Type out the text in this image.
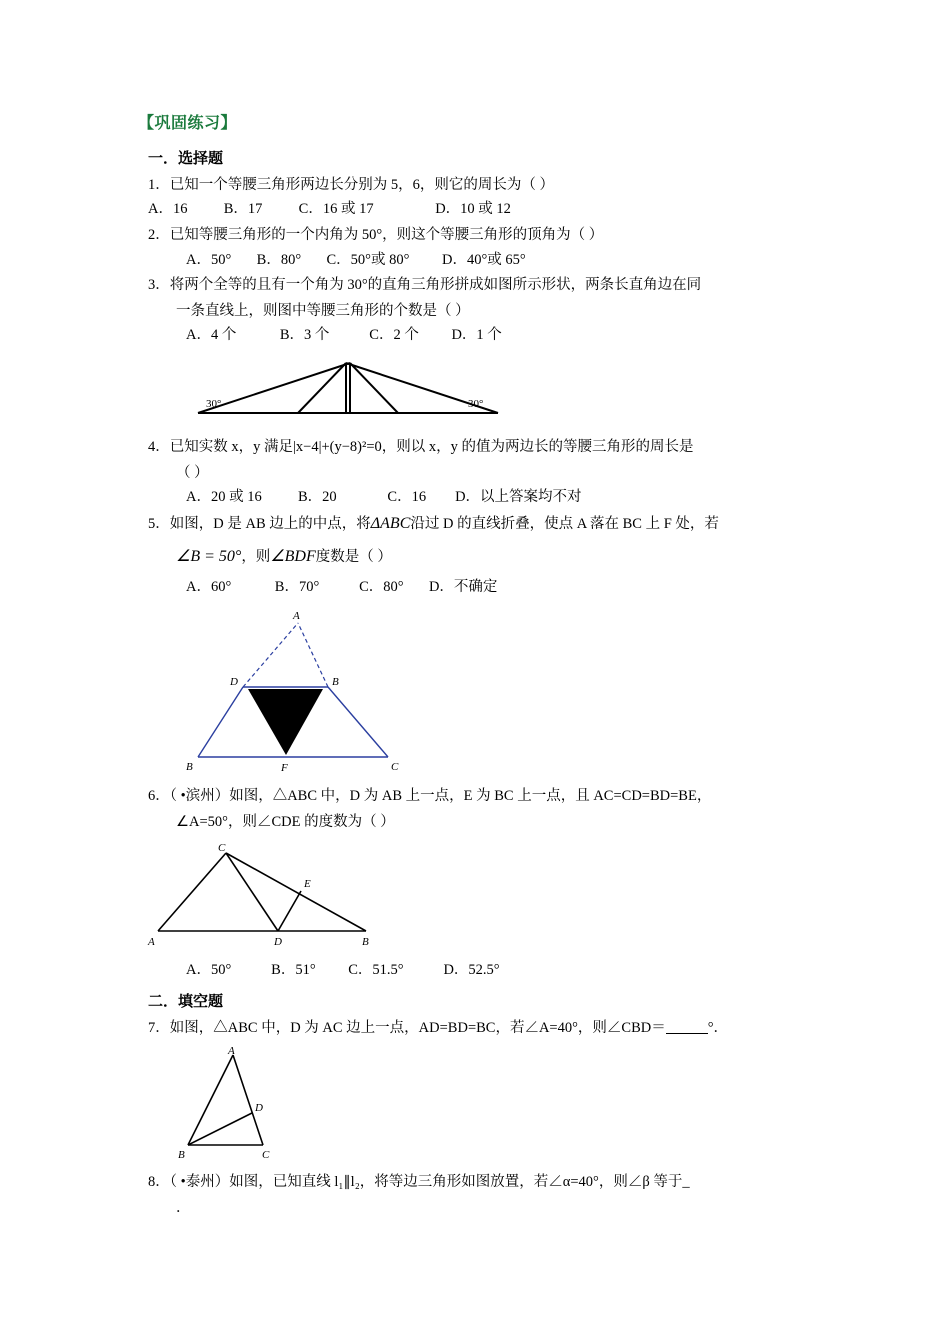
【巩固练习】
一．选择题
1．已知一个等腰三角形两边长分别为 5，6，则它的周长为（ ）
A．16          B．17          C．16 或 17                 D．10 或 12
2．已知等腰三角形的一个内角为 50°，则这个等腰三角形的顶角为（ ）
A．50°       B．80°       C．50°或 80°         D．40°或 65°
3．将两个全等的且有一个角为 30°的直角三角形拼成如图所示形状，两条长直角边在同
一条直线上，则图中等腰三角形的个数是（ ）
A．4 个            B．3 个           C．2 个         D．1 个
30°	30°
4．已知实数 x，y 满足|x−4|+(y−8)²=0，则以 x，y 的值为两边长的等腰三角形的周长是
（ ）
A．20 或 16          B．20              C．16        D．以上答案均不对
5．如图，D 是 AB 边上的中点，将ΔABC沿过 D 的直线折叠，使点 A 落在 BC 上 F 处，若
∠B = 50°，则∠BDF度数是（ ）
A．60°            B．70°           C．80°       D．不确定
A
D	B
B	F	C
6．（ •滨州）如图，△ABC 中，D 为 AB 上一点，E 为 BC 上一点，且 AC=CD=BD=BE，
∠A=50°，则∠CDE 的度数为（ ）
C
E
A	D	B
A．50°           B．51°         C．51.5°           D．52.5°
二．填空题
7．如图，△ABC 中，D 为 AC 边上一点，AD=BD=BC，若∠A=40°，则∠CBD＝	°．
A
D
B	C
8．（ •泰州）如图，已知直线 l₁∥l₂，将等边三角形如图放置，若∠α=40°，则∠β 等于_
．
